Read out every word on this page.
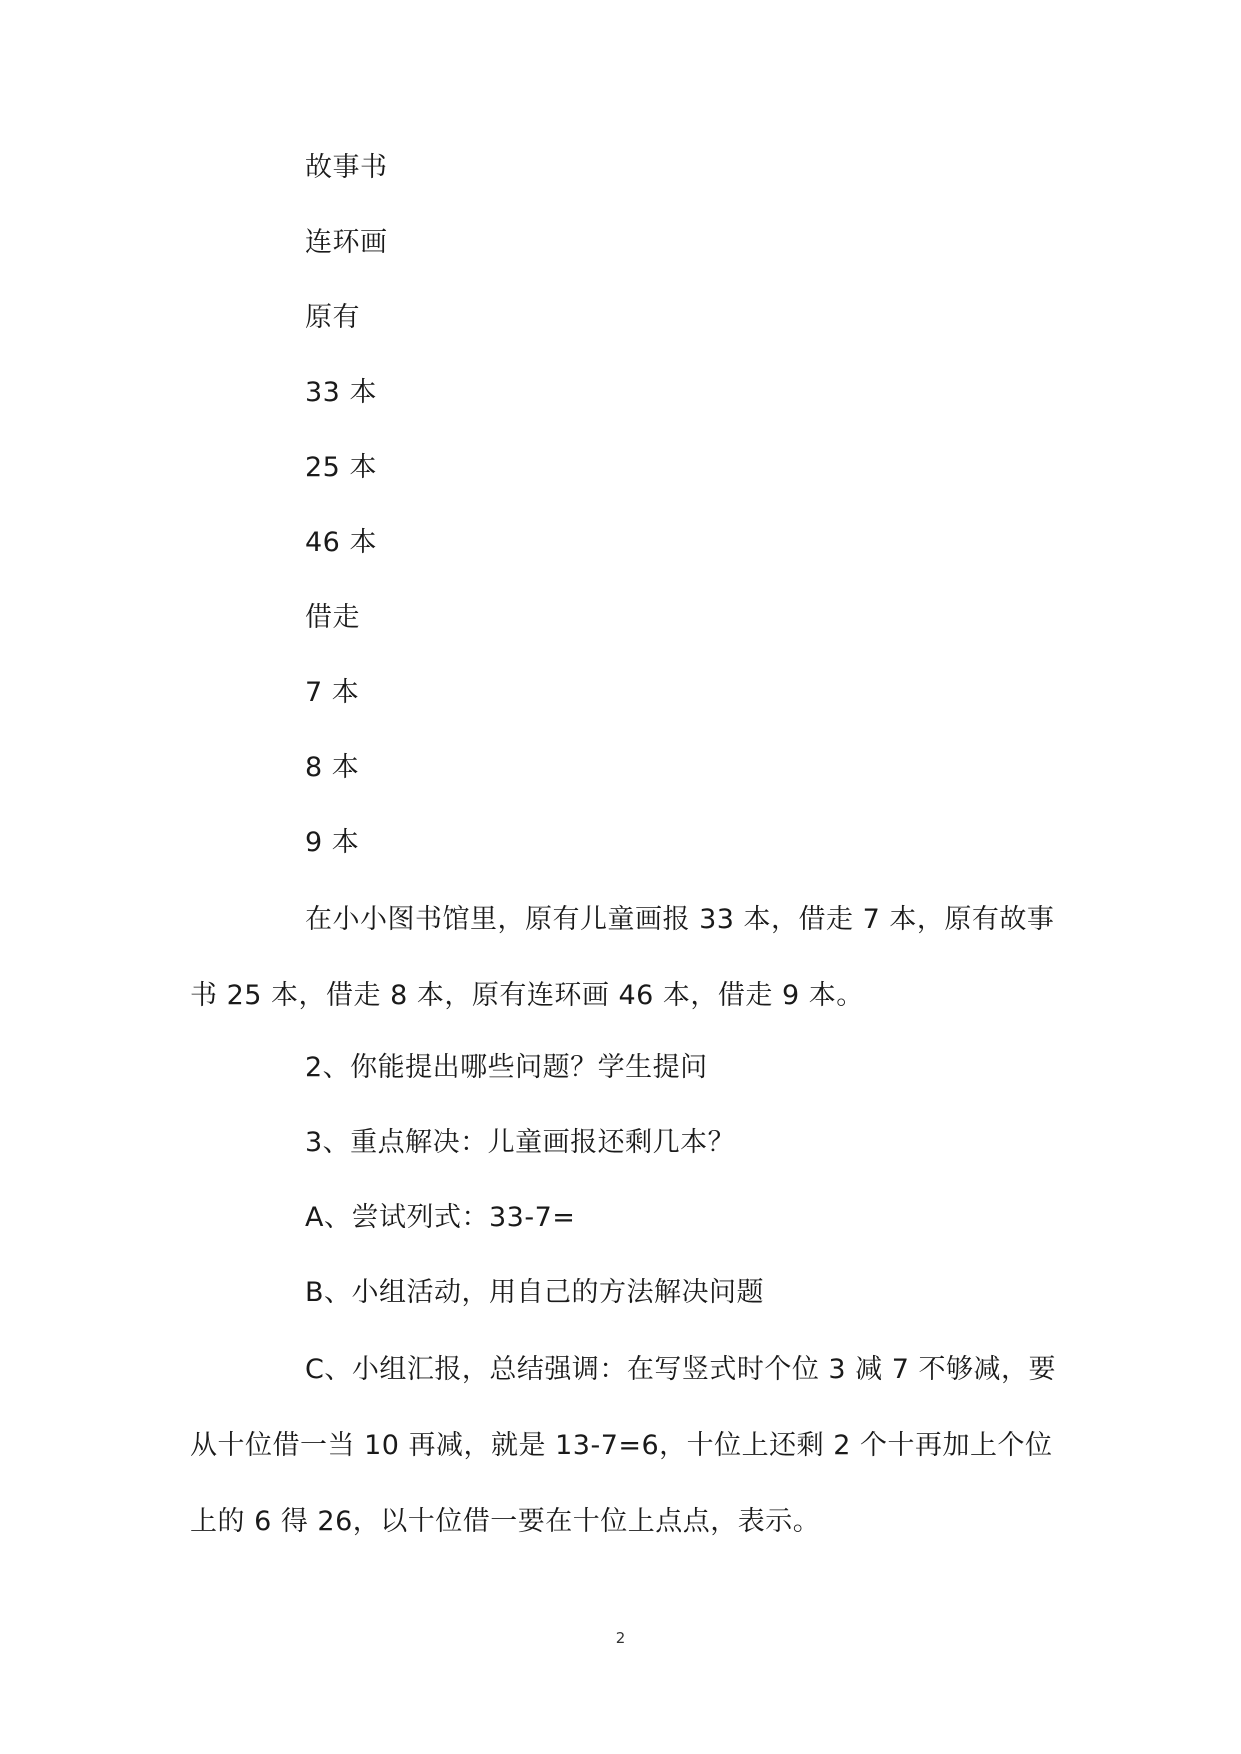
故事书
连环画
原有
33 本
25 本
46 本
借走
7 本
8 本
9 本
在小小图书馆里，原有儿童画报 33 本，借走 7 本，原有故事书 25 本，借走 8 本，原有连环画 46 本，借走 9 本。
2、你能提出哪些问题？学生提问
3、重点解决：儿童画报还剩几本？
A、尝试列式：33-7=
B、小组活动，用自己的方法解决问题
C、小组汇报，总结强调：在写竖式时个位 3 减 7 不够减，要从十位借一当 10 再减，就是 13-7=6，十位上还剩 2 个十再加上个位上的 6 得 26，以十位借一要在十位上点点，表示。
2
